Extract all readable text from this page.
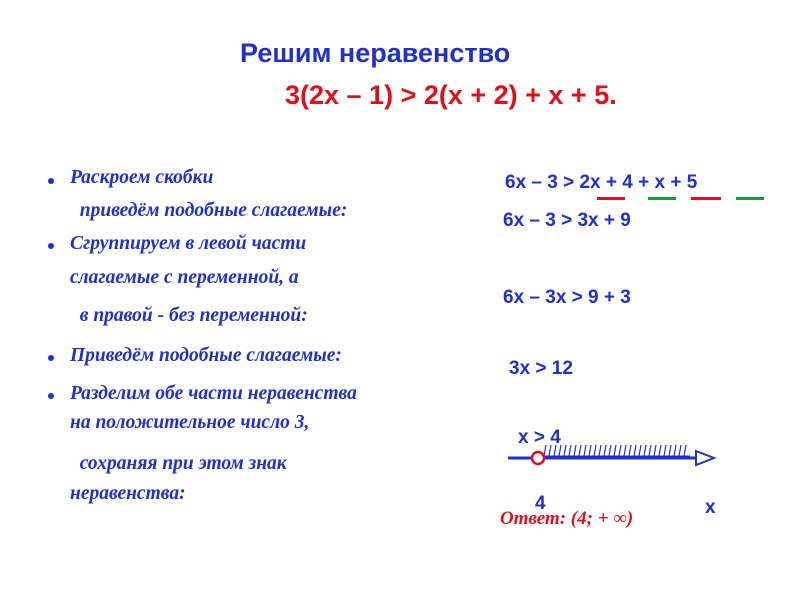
Решим неравенство
3(2x – 1) > 2(x + 2) + x + 5.
Раскроем скобки
приведём подобные слагаемые:
Сгруппируем в левой части
слагаемые с переменной, а
в правой - без переменной:
Приведём подобные слагаемые:
Разделим обе части неравенства
на положительное число 3,
сохраняя при этом знак
неравенства:
6x – 3 > 2x + 4 + x + 5
6x – 3 > 3x + 9
6x – 3x > 9 + 3
3x > 12
x > 4
4	x
Ответ: (4; + ∞)
